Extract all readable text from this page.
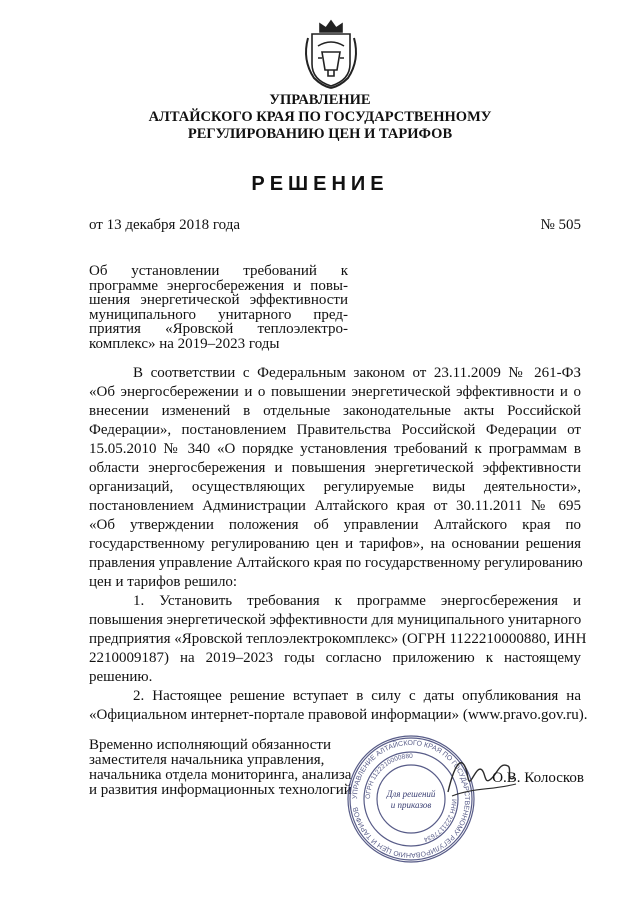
УПРАВЛЕНИЕ
АЛТАЙСКОГО КРАЯ ПО ГОСУДАРСТВЕННОМУ
РЕГУЛИРОВАНИЮ ЦЕН И ТАРИФОВ
РЕШЕНИЕ
от 13 декабря 2018 года	№ 505
Об установлении требований к
программе энергосбережения и повы-
шения энергетической эффективности
муниципального унитарного пред-
приятия «Яровской теплоэлектро-
комплекс» на 2019–2023 годы
В соответствии с Федеральным законом от 23.11.2009 № 261-ФЗ
«Об энергосбережении и о повышении энергетической эффективности и о
внесении изменений в отдельные законодательные акты Российской
Федерации», постановлением Правительства Российской Федерации от
15.05.2010 № 340 «О порядке установления требований к программам в
области энергосбережения и повышения энергетической эффективности
организаций, осуществляющих регулируемые виды деятельности»,
постановлением Администрации Алтайского края от 30.11.2011 № 695
«Об утверждении положения об управлении Алтайского края по
государственному регулированию цен и тарифов», на основании решения
правления управление Алтайского края по государственному регулированию
цен и тарифов решило:
1. Установить требования к программе энергосбережения и
повышения энергетической эффективности для муниципального унитарного
предприятия «Яровской теплоэлектрокомплекс» (ОГРН 1122210000880, ИНН
2210009187) на 2019–2023 годы согласно приложению к настоящему
решению.
2. Настоящее решение вступает в силу с даты опубликования на
«Официальном интернет-портале правовой информации» (www.pravo.gov.ru).
Временно исполняющий обязанности
заместителя начальника управления,
начальника отдела мониторинга, анализа
и развития информационных технологий УПРАВЛЕНИЕ АЛТАЙСКОГО КРАЯ ПО ГОСУДАРСТВЕННОМУ РЕГУЛИРОВАНИЮ ЦЕН И ТАРИФОВ
ОГРН 1122210000880
ИНН 2221177634
Для решений
и приказов
О.В. Колосков
